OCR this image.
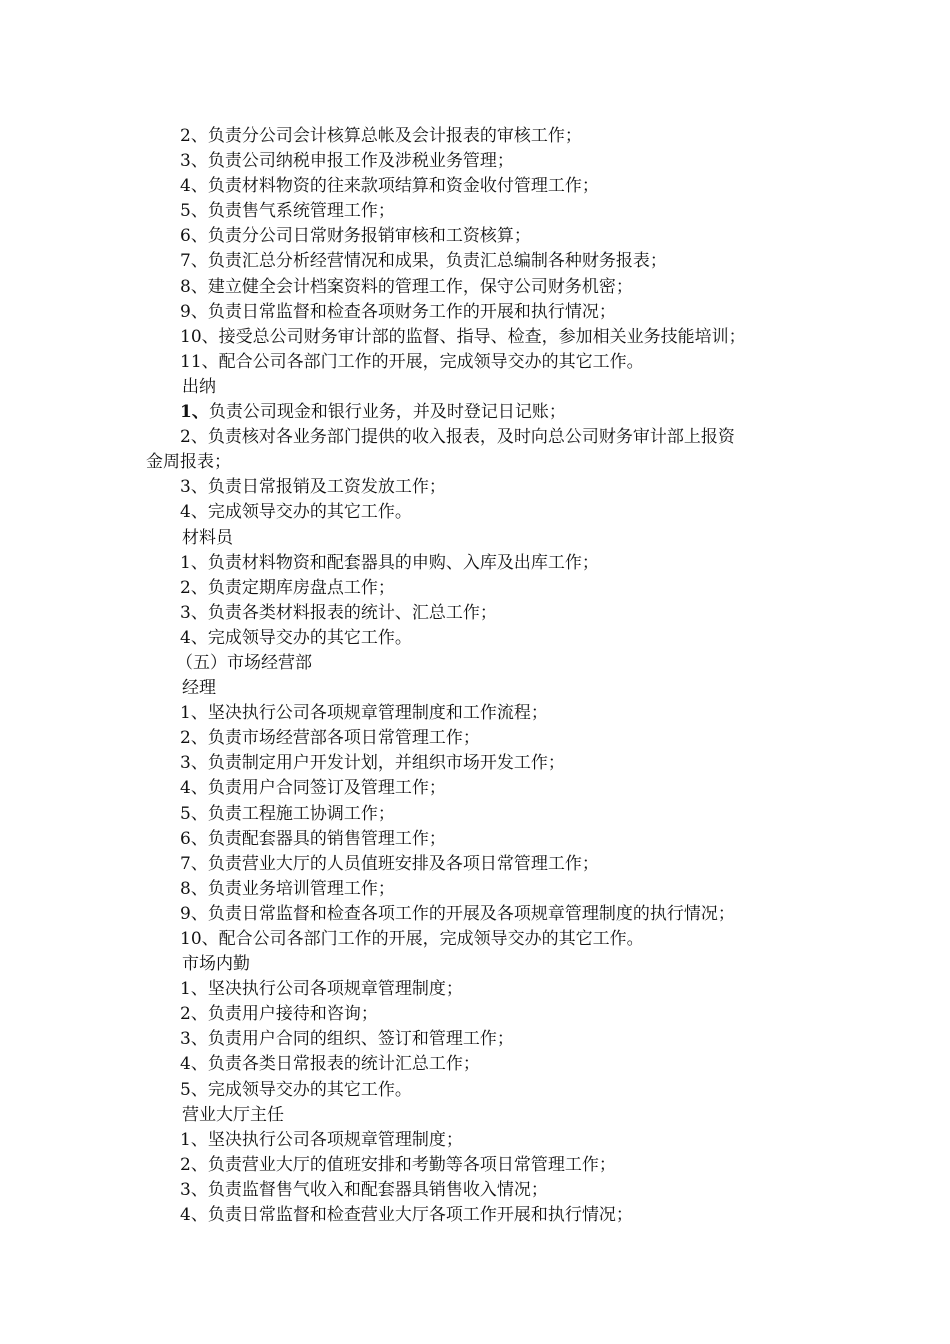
2、负责分公司会计核算总帐及会计报表的审核工作；
3、负责公司纳税申报工作及涉税业务管理；
4、负责材料物资的往来款项结算和资金收付管理工作；
5、负责售气系统管理工作；
6、负责分公司日常财务报销审核和工资核算；
7、负责汇总分析经营情况和成果，负责汇总编制各种财务报表；
8、建立健全会计档案资料的管理工作，保守公司财务机密；
9、负责日常监督和检查各项财务工作的开展和执行情况；
10、接受总公司财务审计部的监督、指导、检查，参加相关业务技能培训；
11、配合公司各部门工作的开展，完成领导交办的其它工作。
出纳
1、负责公司现金和银行业务，并及时登记日记账；
2、负责核对各业务部门提供的收入报表，及时向总公司财务审计部上报资
金周报表；
3、负责日常报销及工资发放工作；
4、完成领导交办的其它工作。
材料员
1、负责材料物资和配套器具的申购、入库及出库工作；
2、负责定期库房盘点工作；
3、负责各类材料报表的统计、汇总工作；
4、完成领导交办的其它工作。
（五）市场经营部
经理
1、坚决执行公司各项规章管理制度和工作流程；
2、负责市场经营部各项日常管理工作；
3、负责制定用户开发计划，并组织市场开发工作；
4、负责用户合同签订及管理工作；
5、负责工程施工协调工作；
6、负责配套器具的销售管理工作；
7、负责营业大厅的人员值班安排及各项日常管理工作；
8、负责业务培训管理工作；
9、负责日常监督和检查各项工作的开展及各项规章管理制度的执行情况；
10、配合公司各部门工作的开展，完成领导交办的其它工作。
市场内勤
1、坚决执行公司各项规章管理制度；
2、负责用户接待和咨询；
3、负责用户合同的组织、签订和管理工作；
4、负责各类日常报表的统计汇总工作；
5、完成领导交办的其它工作。
营业大厅主任
1、坚决执行公司各项规章管理制度；
2、负责营业大厅的值班安排和考勤等各项日常管理工作；
3、负责监督售气收入和配套器具销售收入情况；
4、负责日常监督和检查营业大厅各项工作开展和执行情况；
